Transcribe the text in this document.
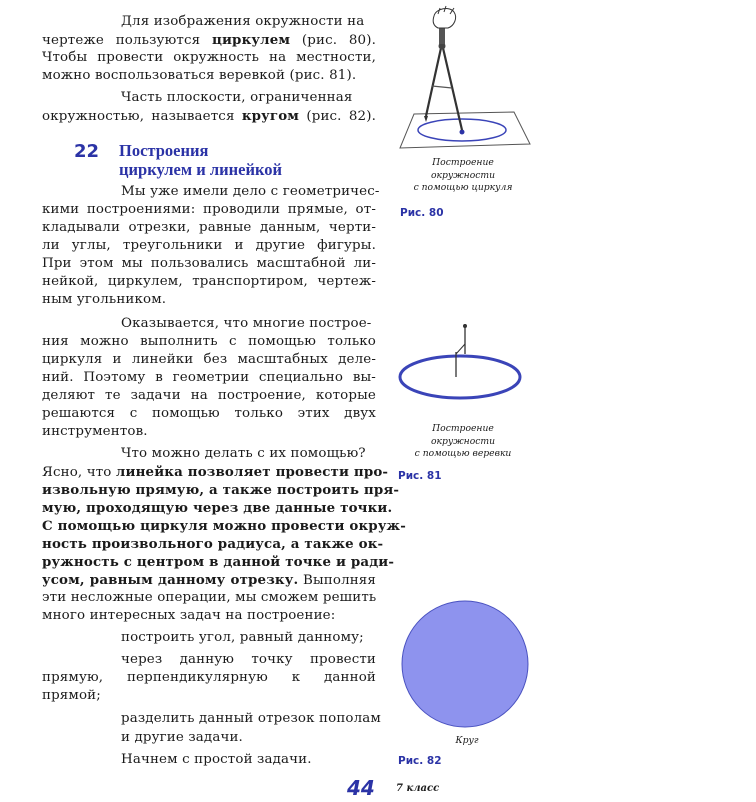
Для изображения окружности на
чертеже пользуются циркулем (рис. 80).
Чтобы провести окружность на местности,
можно воспользоваться веревкой (рис. 81).
Часть плоскости, ограниченная
окружностью, называется кругом (рис. 82).
22 Построения
циркулем и линейкой
Мы уже имели дело с геометричес-
кими построениями: проводили прямые, от-
кладывали отрезки, равные данным, черти-
ли углы, треугольники и другие фигуры.
При этом мы пользовались масштабной ли-
нейкой, циркулем, транспортиром, чертеж-
ным угольником.
Оказывается, что многие построе-
ния можно выполнить с помощью только
циркуля и линейки без масштабных деле-
ний. Поэтому в геометрии специально вы-
деляют те задачи на построение, которые
решаются с помощью только этих двух
инструментов.
Что можно делать с их помощью?
Ясно, что линейка позволяет провести про-
извольную прямую, а также построить пря-
мую, проходящую через две данные точки.
С помощью циркуля можно провести окруж-
ность произвольного радиуса, а также ок-
ружность с центром в данной точке и ради-
усом, равным данному отрезку. Выполняя
эти несложные операции, мы сможем решить
много интересных задач на построение:
построить угол, равный данному;
через данную точку провести
прямую, перпендикулярную к данной
прямой;
разделить данный отрезок пополам
и другие задачи.
Начнем с простой задачи.
Построение
окружности
с помощью циркуля
Рис. 80
Построение
окружности
с помощью веревки
Рис. 81
Круг
Рис. 82
44 7 класс
